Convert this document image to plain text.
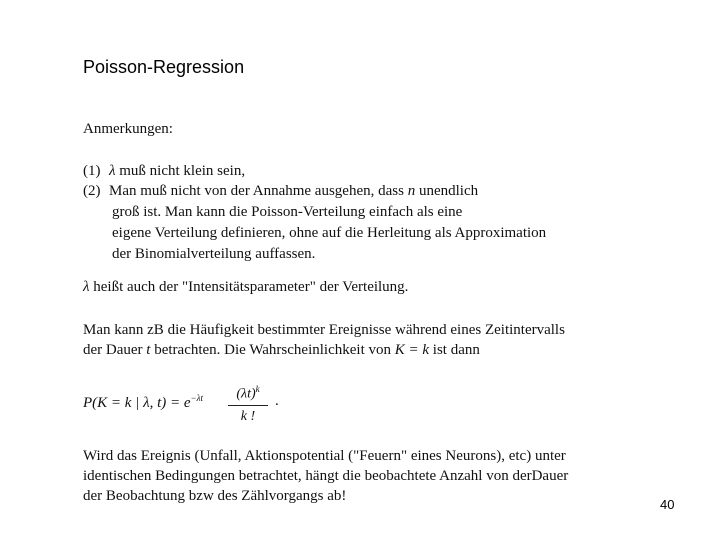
Poisson-Regression
Anmerkungen:
(1) λ muß nicht klein sein,
(2) Man muß nicht von der Annahme ausgehen, dass n unendlich
groß ist. Man kann die Poisson-Verteilung einfach als eine
eigene Verteilung definieren, ohne auf die Herleitung als Approximation
der Binomialverteilung auffassen.
λ heißt auch der "Intensitätsparameter" der Verteilung.
Man kann zB die Häufigkeit bestimmter Ereignisse während eines Zeitintervalls
der Dauer t betrachten. Die Wahrscheinlichkeit von K = k ist dann
P(K = k | λ, $t) = e^{-\lambda t}$	$(\lambda t)^k$
k !
.
Wird das Ereignis (Unfall, Aktionspotential ("Feuern" eines Neurons), etc) unter
identischen Bedingungen betrachtet, hängt die beobachtete Anzahl von derDauer
der Beobachtung bzw des Zählvorgangs ab!
40
